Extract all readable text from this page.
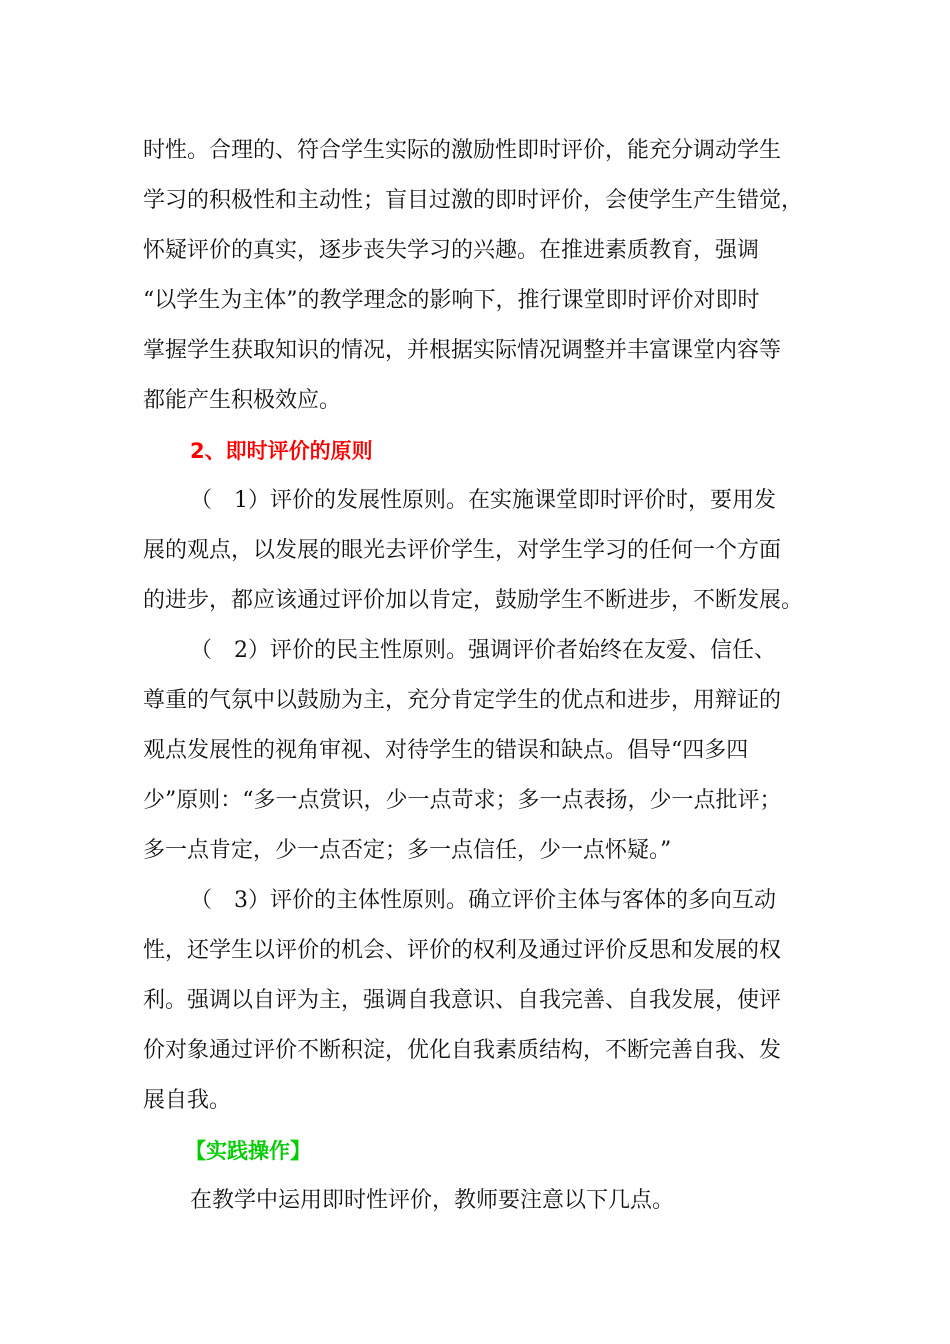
时性。合理的、符合学生实际的激励性即时评价，能充分调动学生
学习的积极性和主动性；盲目过激的即时评价，会使学生产生错觉，
怀疑评价的真实，逐步丧失学习的兴趣。在推进素质教育，强调
“以学生为主体”的教学理念的影响下，推行课堂即时评价对即时
掌握学生获取知识的情况，并根据实际情况调整并丰富课堂内容等
都能产生积极效应。
2、即时评价的原则
（　1）评价的发展性原则。在实施课堂即时评价时，要用发
展的观点，以发展的眼光去评价学生，对学生学习的任何一个方面
的进步，都应该通过评价加以肯定，鼓励学生不断进步，不断发展。
（　2）评价的民主性原则。强调评价者始终在友爱、信任、
尊重的气氛中以鼓励为主，充分肯定学生的优点和进步，用辩证的
观点发展性的视角审视、对待学生的错误和缺点。倡导“四多四
少”原则：“多一点赏识，少一点苛求；多一点表扬，少一点批评；
多一点肯定，少一点否定；多一点信任，少一点怀疑。”
（　3）评价的主体性原则。确立评价主体与客体的多向互动
性，还学生以评价的机会、评价的权利及通过评价反思和发展的权
利。强调以自评为主，强调自我意识、自我完善、自我发展，使评
价对象通过评价不断积淀，优化自我素质结构，不断完善自我、发
展自我。
【实践操作】
在教学中运用即时性评价，教师要注意以下几点。
